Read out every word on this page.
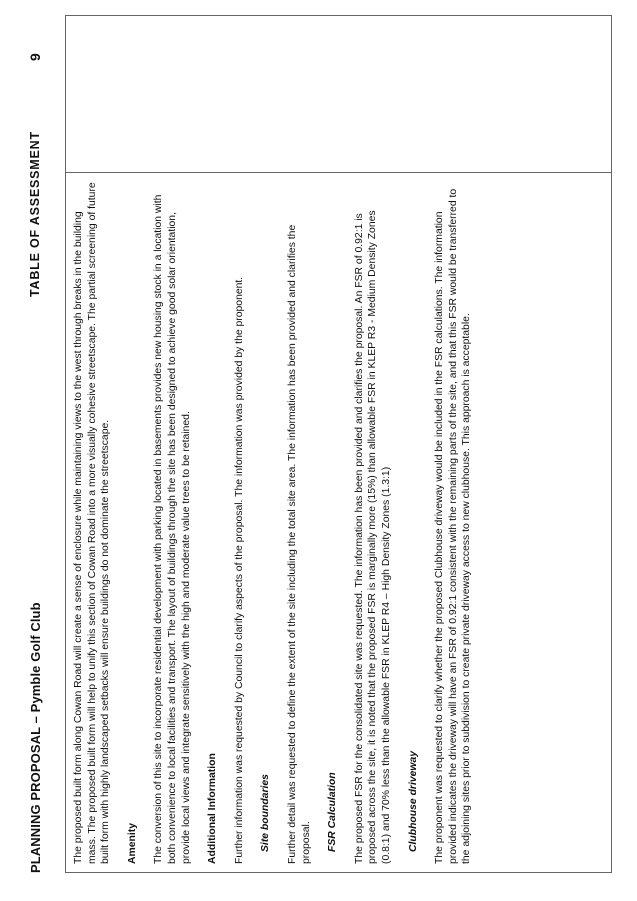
PLANNING PROPOSAL – Pymble Golf Club
TABLE OF ASSESSMENT
9

The proposed built form along Cowan Road will create a sense of enclosure while maintaining views to the west through breaks in the building mass. The proposed built form will help to unify this section of Cowan Road into a more visually cohesive streetscape. The partial screening of future built form with highly landscaped setbacks will ensure buildings do not dominate the streetscape. Amenity The conversion of this site to incorporate residential development with parking located in basements provides new housing stock in a location with both convenience to local facilities and transport. The layout of buildings through the site has been designed to achieve good solar orientation, provide local views and integrate sensitively with the high and moderate value trees to be retained. Additional Information Further information was requested by Council to clarify aspects of the proposal. The information was provided by the proponent. Site boundaries Further detail was requested to define the extent of the site including the total site area. The information has been provided and clarifies the proposal. FSR Calculation The proposed FSR for the consolidated site was requested. The information has been provided and clarifies the proposal. An FSR of 0.92:1 is proposed across the site, it is noted that the proposed FSR is marginally more (15%) than allowable FSR in KLEP R3 - Medium Density Zones (0.8:1) and 70% less than the allowable FSR in KLEP R4 – High Density Zones (1.3:1) Clubhouse driveway The proponent was requested to clarify whether the proposed Clubhouse driveway would be included in the FSR calculations. The information provided indicates the driveway will have an FSR of 0.92:1 consistent with the remaining parts of the site, and that this FSR would be transferred to the adjoining sites prior to subdivision to create private driveway access to new clubhouse. This approach is acceptable.
